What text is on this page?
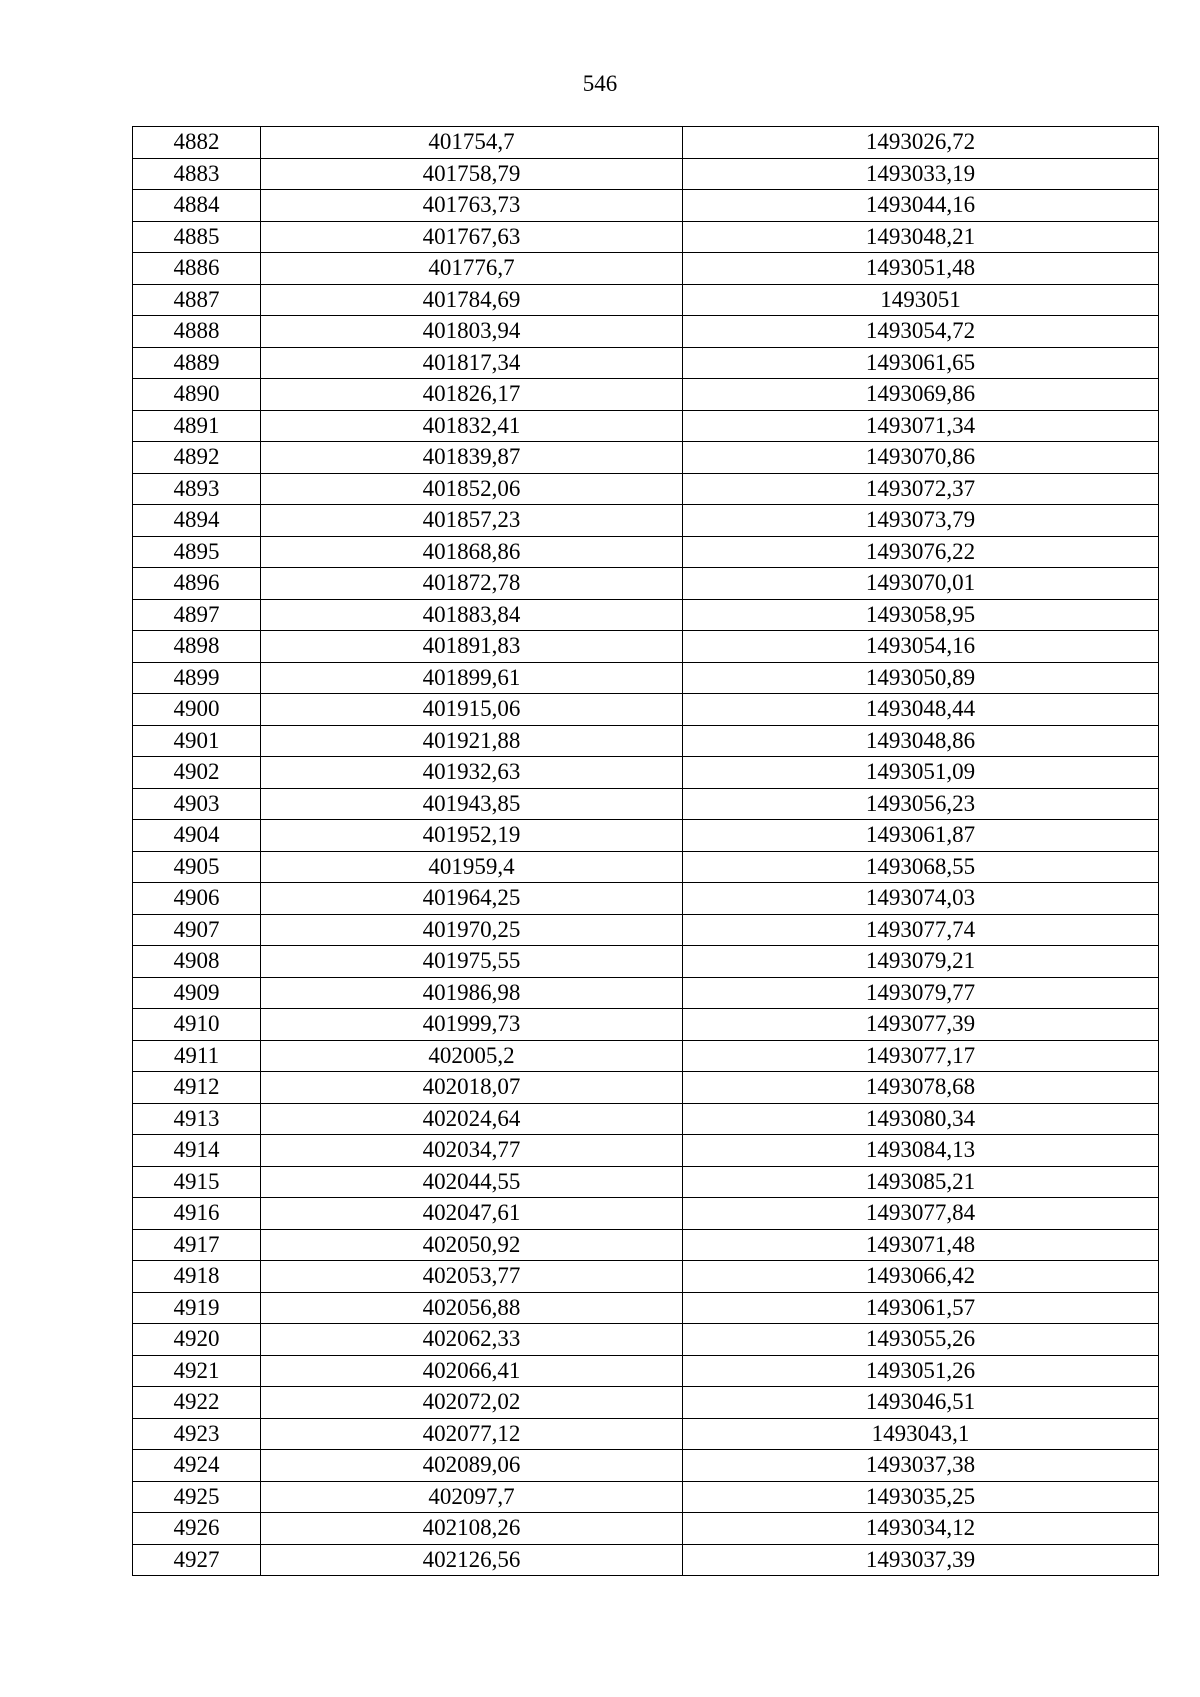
546
4882	401754,7	1493026,72
4883	401758,79	1493033,19
4884	401763,73	1493044,16
4885	401767,63	1493048,21
4886	401776,7	1493051,48
4887	401784,69	1493051
4888	401803,94	1493054,72
4889	401817,34	1493061,65
4890	401826,17	1493069,86
4891	401832,41	1493071,34
4892	401839,87	1493070,86
4893	401852,06	1493072,37
4894	401857,23	1493073,79
4895	401868,86	1493076,22
4896	401872,78	1493070,01
4897	401883,84	1493058,95
4898	401891,83	1493054,16
4899	401899,61	1493050,89
4900	401915,06	1493048,44
4901	401921,88	1493048,86
4902	401932,63	1493051,09
4903	401943,85	1493056,23
4904	401952,19	1493061,87
4905	401959,4	1493068,55
4906	401964,25	1493074,03
4907	401970,25	1493077,74
4908	401975,55	1493079,21
4909	401986,98	1493079,77
4910	401999,73	1493077,39
4911	402005,2	1493077,17
4912	402018,07	1493078,68
4913	402024,64	1493080,34
4914	402034,77	1493084,13
4915	402044,55	1493085,21
4916	402047,61	1493077,84
4917	402050,92	1493071,48
4918	402053,77	1493066,42
4919	402056,88	1493061,57
4920	402062,33	1493055,26
4921	402066,41	1493051,26
4922	402072,02	1493046,51
4923	402077,12	1493043,1
4924	402089,06	1493037,38
4925	402097,7	1493035,25
4926	402108,26	1493034,12
4927	402126,56	1493037,39
